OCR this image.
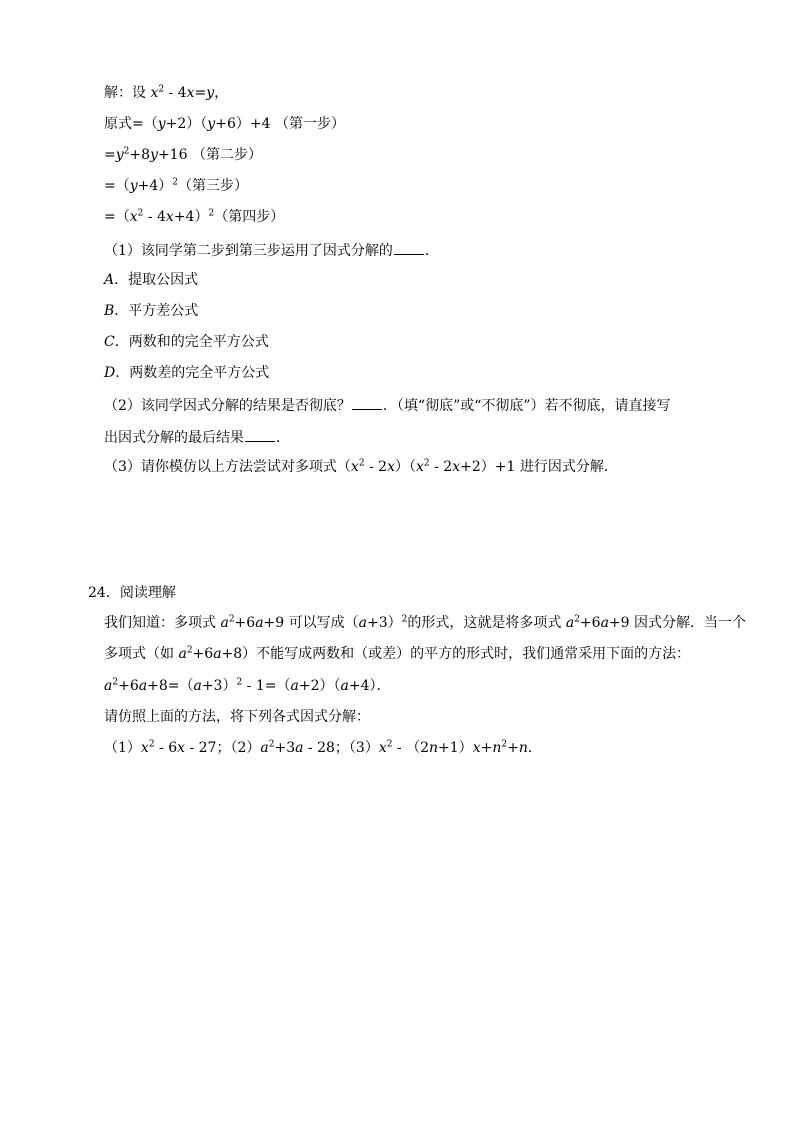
解：设 $x^2 - 4x=y$，
原式=（y+2）（y+6）+4 （第一步）
$=y^2+8y+16$ （第二步）
$=(y+4)^2$（第三步）
$=(x^2 - 4x+4)^2$（第四步）
（1）该同学第二步到第三步运用了因式分解的 ．
A．提取公因式
B．平方差公式
C．两数和的完全平方公式
D．两数差的完全平方公式
（2）该同学因式分解的结果是否彻底？ ．（填“彻底”或“不彻底”）若不彻底，请直接写
出因式分解的最后结果 ．
（3）请你模仿以上方法尝试对多项式$(x^2 - 2x)(x^2 - 2x+2)+1$ 进行因式分解．
24．阅读理解
我们知道：多项式 $a^2+6a+9$ 可以写成$(a+3)^2$的形式，这就是将多项式 $a^2+6a+9$ 因式分解．当一个
多项式（如 $a^2+6a+8$）不能写成两数和（或差）的平方的形式时，我们通常采用下面的方法：
$a^2+6a+8=(a+3)^2 - 1=(a+2)(a+4)$．
请仿照上面的方法，将下列各式因式分解：
$(1)x^2 - 6x - 27$；$(2)a^2+3a - 28$；$(3)x^2 - (2n+1)x+n^2+n$．
